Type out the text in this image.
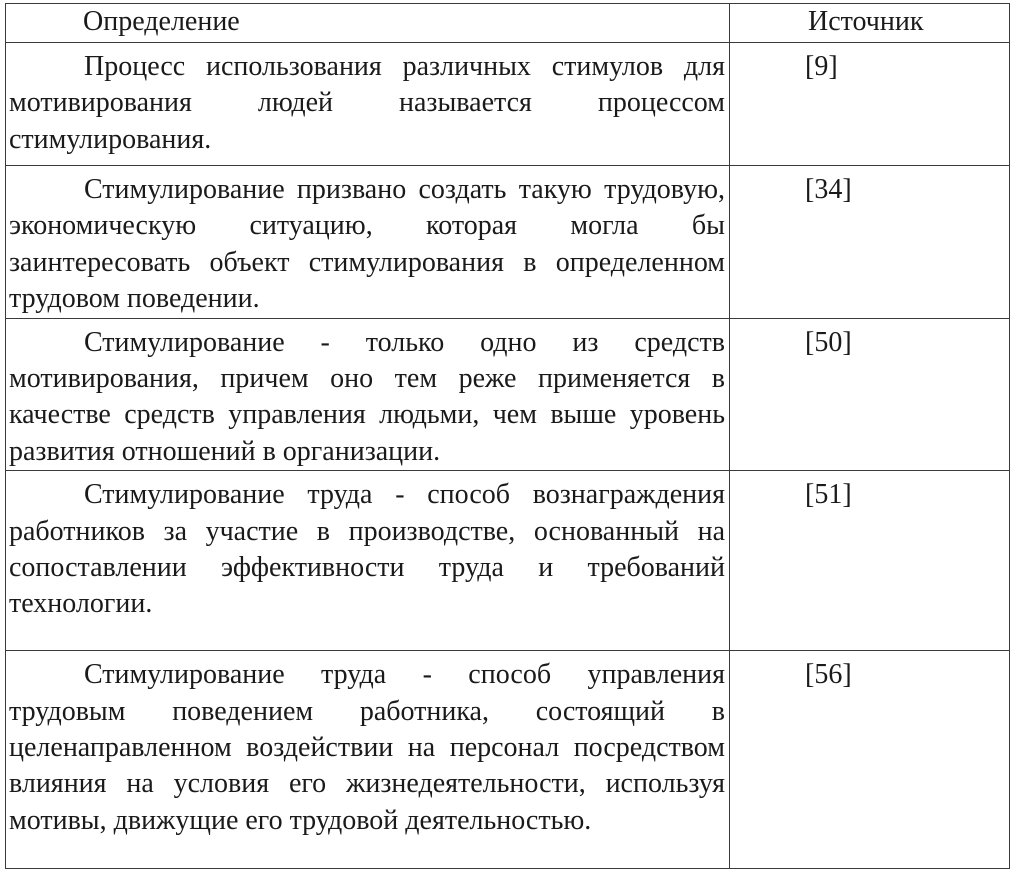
Определение	Источник

Процесс использования различных стимулов для мотивирования людей называется процессом стимулирования.	[9]

Стимулирование призвано создать такую трудовую, экономическую ситуацию, которая могла бы заинтересовать объект стимулирования в определенном трудовом поведении.	[34]

Стимулирование - только одно из средств мотивирования, причем оно тем реже применяется в качестве средств управления людьми, чем выше уровень развития отношений в организации.	[50]

Стимулирование труда - способ вознаграждения работников за участие в производстве, основанный на сопоставлении эффективности труда и требований технологии.	[51]

Стимулирование труда - способ управления трудовым поведением работника, состоящий в целенаправленном воздействии на персонал посредством влияния на условия его жизнедеятельности, используя мотивы, движущие его трудовой деятельностью.	[56]
